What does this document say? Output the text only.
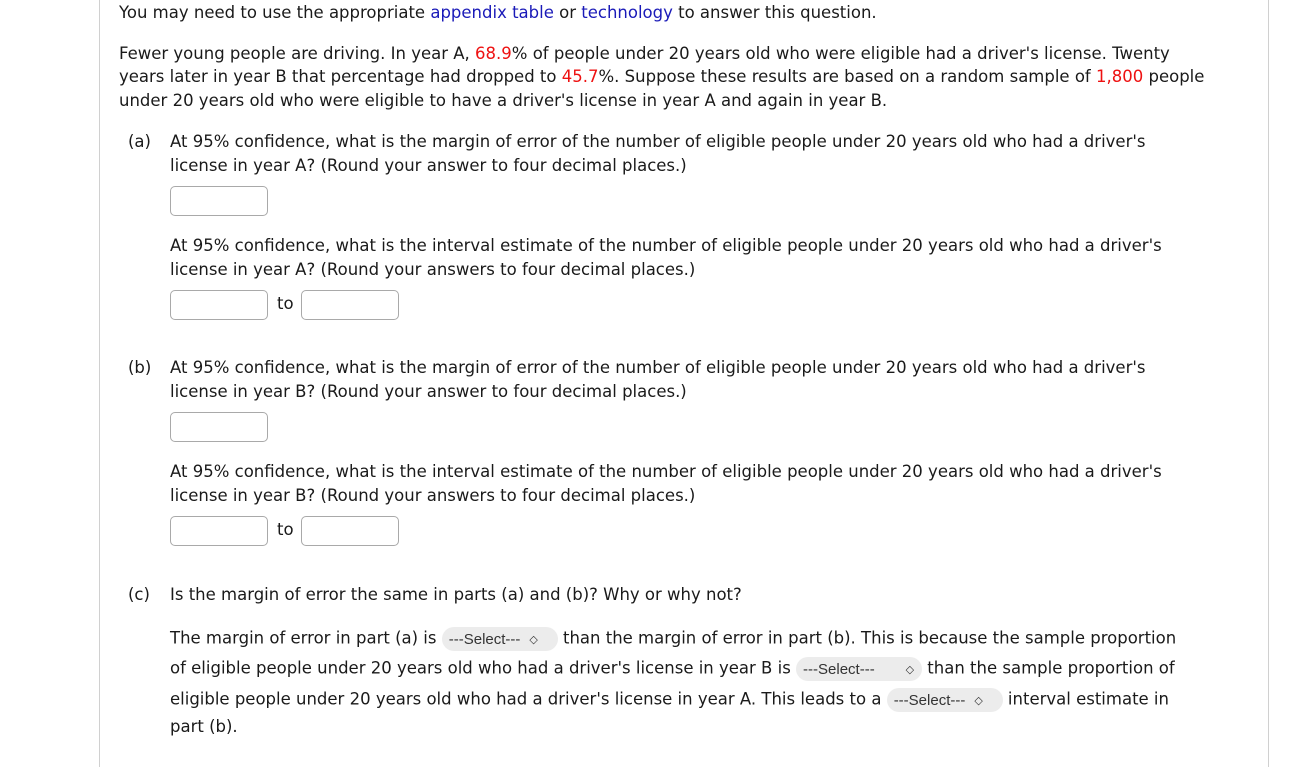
You may need to use the appropriate appendix table or technology to answer this question.
Fewer young people are driving. In year A, 68.9% of people under 20 years old who were eligible had a driver's license. Twenty
years later in year B that percentage had dropped to 45.7%. Suppose these results are based on a random sample of 1,800 people
under 20 years old who were eligible to have a driver's license in year A and again in year B.
(a) At 95% confidence, what is the margin of error of the number of eligible people under 20 years old who had a driver's
license in year A? (Round your answer to four decimal places.)
At 95% confidence, what is the interval estimate of the number of eligible people under 20 years old who had a driver's
license in year A? (Round your answers to four decimal places.)
to
(b) At 95% confidence, what is the margin of error of the number of eligible people under 20 years old who had a driver's
license in year B? (Round your answer to four decimal places.)
At 95% confidence, what is the interval estimate of the number of eligible people under 20 years old who had a driver's
license in year B? (Round your answers to four decimal places.)
to
(c) Is the margin of error the same in parts (a) and (b)? Why or why not?
The margin of error in part (a) is ---Select--- ◇ than the margin of error in part (b). This is because the sample proportion
of eligible people under 20 years old who had a driver's license in year B is ---Select---	◇ than the sample proportion of
eligible people under 20 years old who had a driver's license in year A. This leads to a ---Select--- ◇ interval estimate in
part (b).
